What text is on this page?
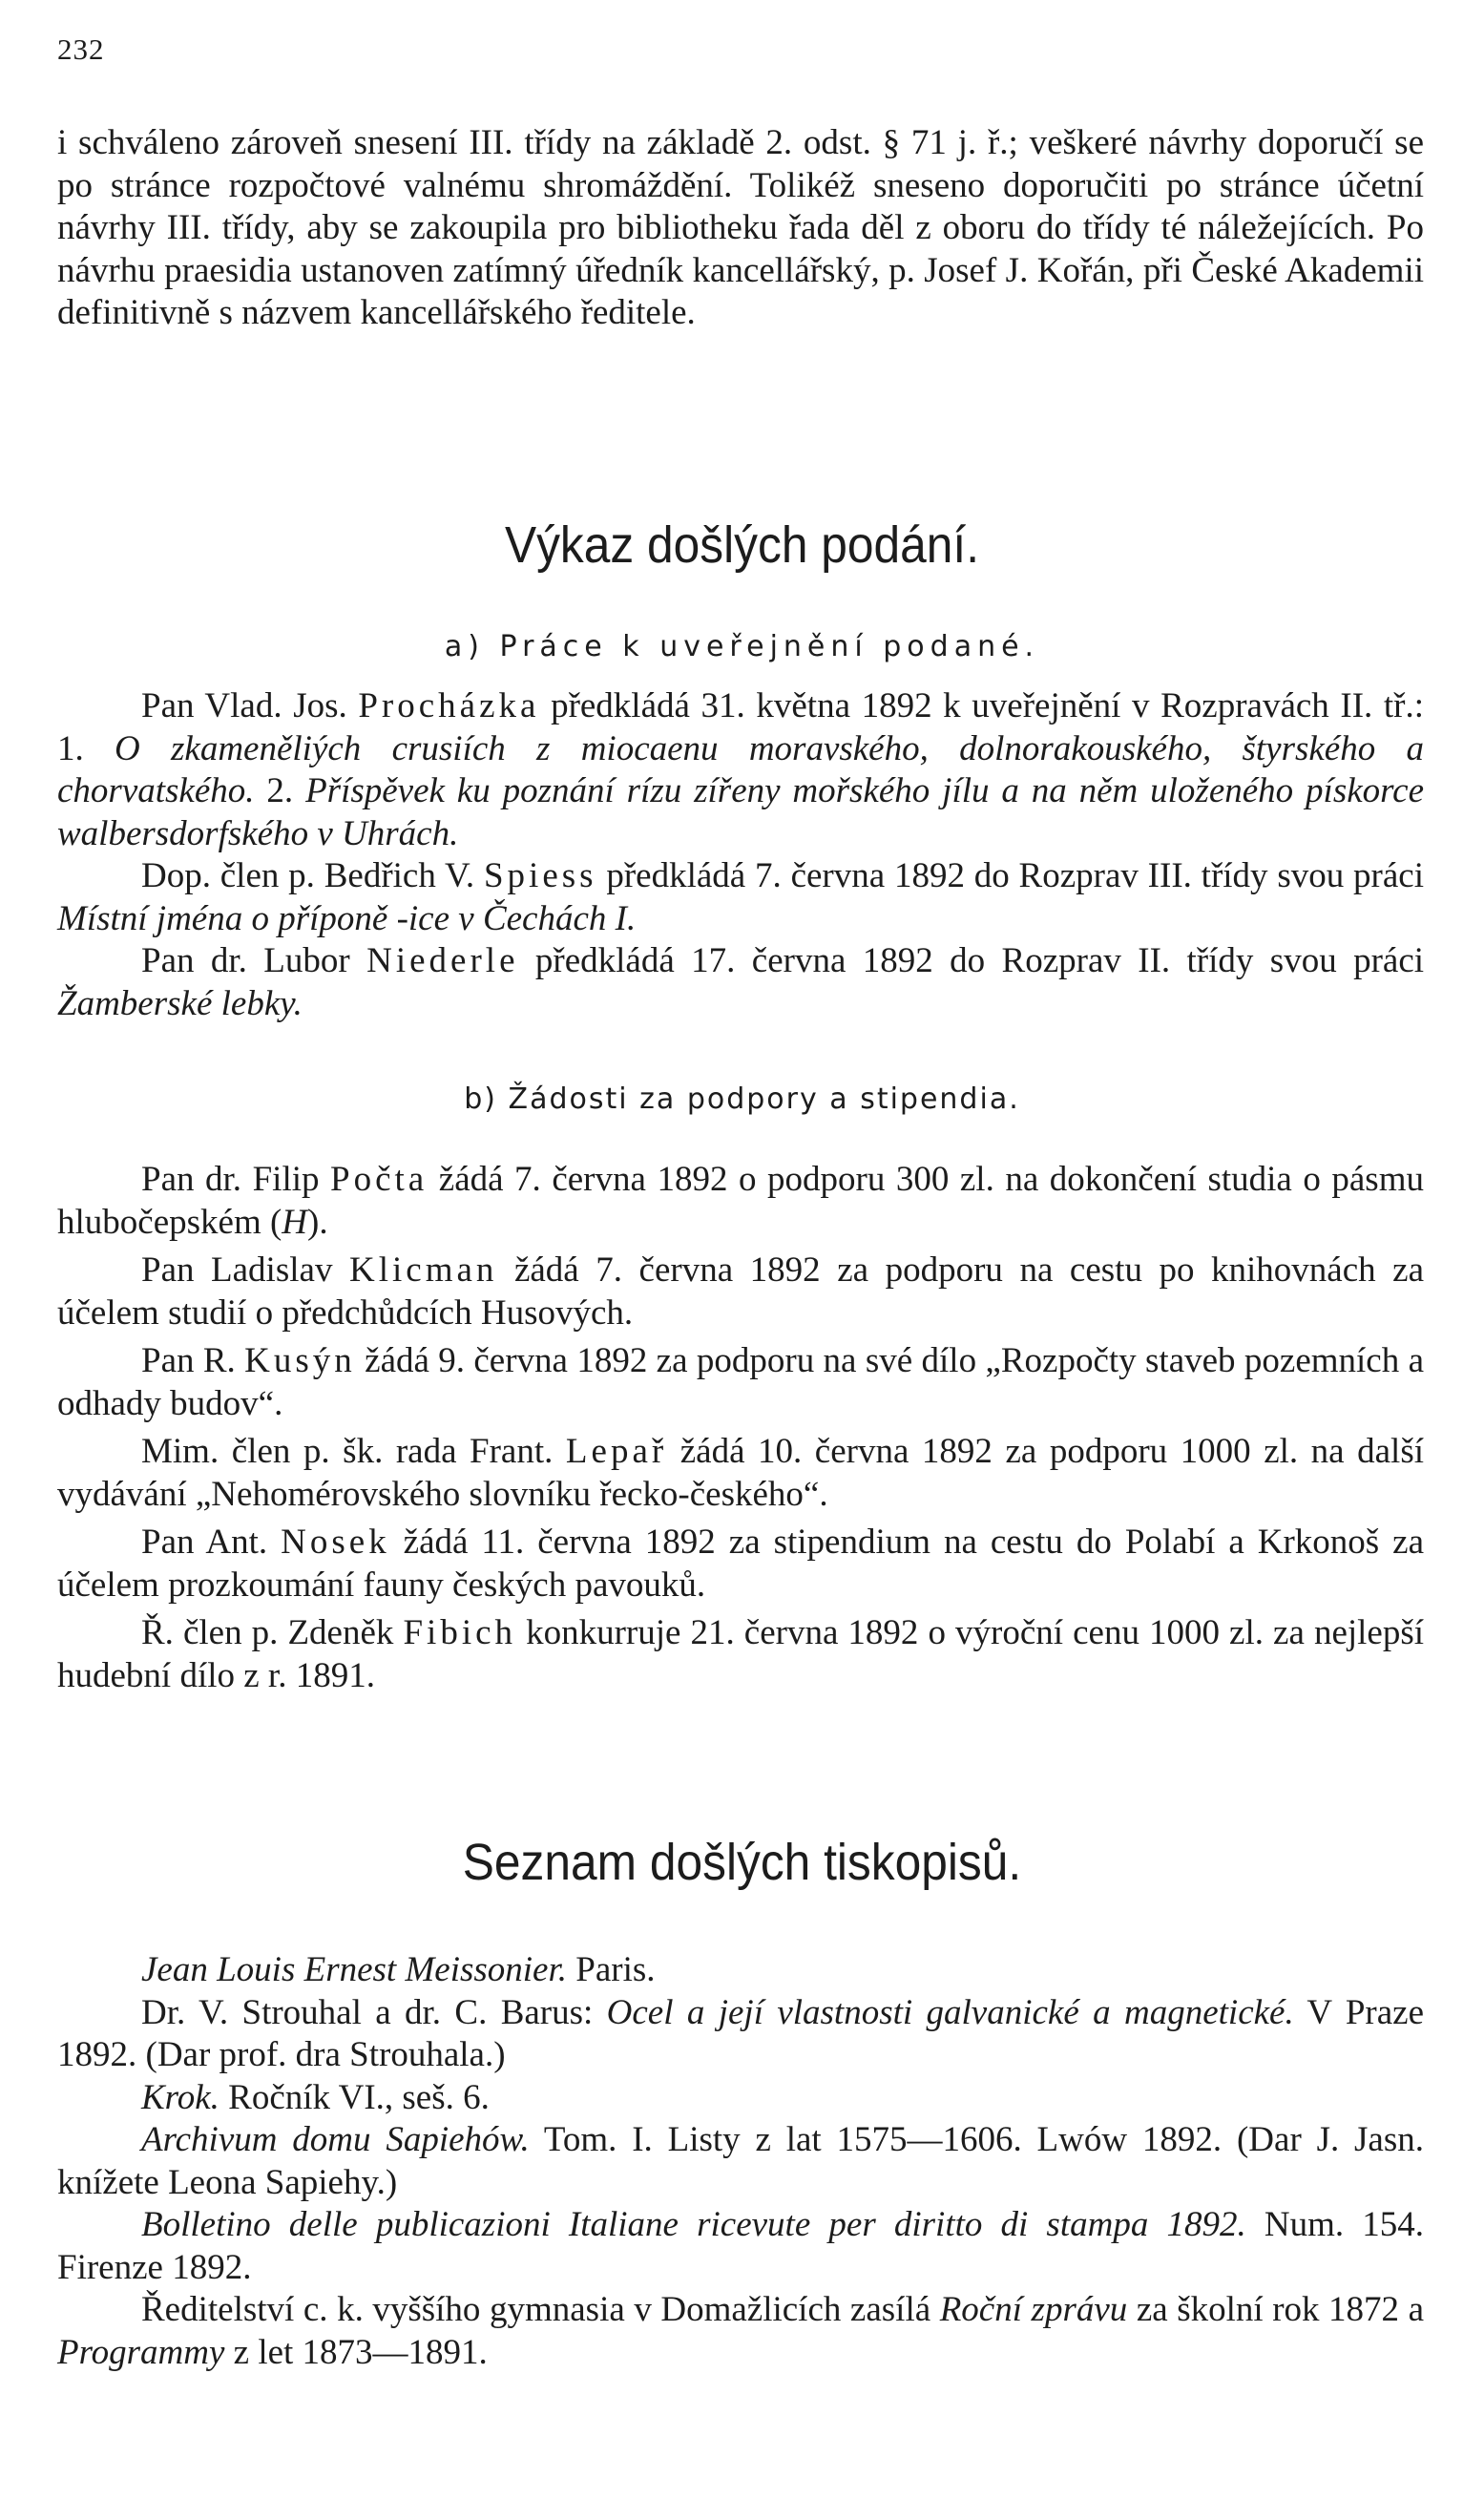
232

i schváleno zároveň snesení III. třídy na základě 2. odst. § 71 j. ř.; veškeré návrhy doporučí se po stránce rozpočtové valnému shromáždění. Tolikéž sneseno doporučiti po stránce účetní návrhy III. třídy, aby se zakoupila pro bibliotheku řada děl z oboru do třídy té náležejících. Po návrhu praesidia ustanoven zatímný úředník kancellářský, p. Josef J. Kořán, při České Akademii definitivně s názvem kancellářského ředitele.

Výkaz došlých podání.
a) Práce k uveřejnění podané.

Pan Vlad. Jos. Procházka předkládá 31. května 1892 k uveřejnění v Rozpravách II. tř.: 1. O zkameněliých crusiích z miocaenu moravského, dolnorakouského, štyrského a chorvatského. 2. Příspěvek ku poznání rízu zířeny mořského jílu a na něm uloženého pískorce walbersdorfského v Uhrách.

Dop. člen p. Bedřich V. Spiess předkládá 7. června 1892 do Rozprav III. třídy svou práci Místní jména o příponě -ice v Čechách I.

Pan dr. Lubor Niederle předkládá 17. června 1892 do Rozprav II. třídy svou práci Žamberské lebky.

b) Žádosti za podpory a stipendia.

Pan dr. Filip Počta žádá 7. června 1892 o podporu 300 zl. na dokončení studia o pásmu hlubočepském (H).

Pan Ladislav Klicman žádá 7. června 1892 za podporu na cestu po knihovnách za účelem studií o předchůdcích Husových.

Pan R. Kusýn žádá 9. června 1892 za podporu na své dílo „Rozpočty staveb pozemních a odhady budov“.

Mim. člen p. šk. rada Frant. Lepař žádá 10. června 1892 za podporu 1000 zl. na další vydávání „Nehomérovského slovníku řecko-českého“.

Pan Ant. Nosek žádá 11. června 1892 za stipendium na cestu do Polabí a Krkonoš za účelem prozkoumání fauny českých pavouků.

Ř. člen p. Zdeněk Fibich konkurruje 21. června 1892 o výroční cenu 1000 zl. za nejlepší hudební dílo z r. 1891.

Seznam došlých tiskopisů.

Jean Louis Ernest Meissonier. Paris.

Dr. V. Strouhal a dr. C. Barus: Ocel a její vlastnosti galvanické a magnetické. V Praze 1892. (Dar prof. dra Strouhala.)

Krok. Ročník VI., seš. 6.

Archivum domu Sapiehów. Tom. I. Listy z lat 1575—1606. Lwów 1892. (Dar J. Jasn. knížete Leona Sapiehy.)

Bolletino delle publicazioni Italiane ricevute per diritto di stampa 1892. Num. 154. Firenze 1892.

Ředitelství c. k. vyššího gymnasia v Domažlicích zasílá Roční zprávu za školní rok 1872 a Programmy z let 1873—1891.
